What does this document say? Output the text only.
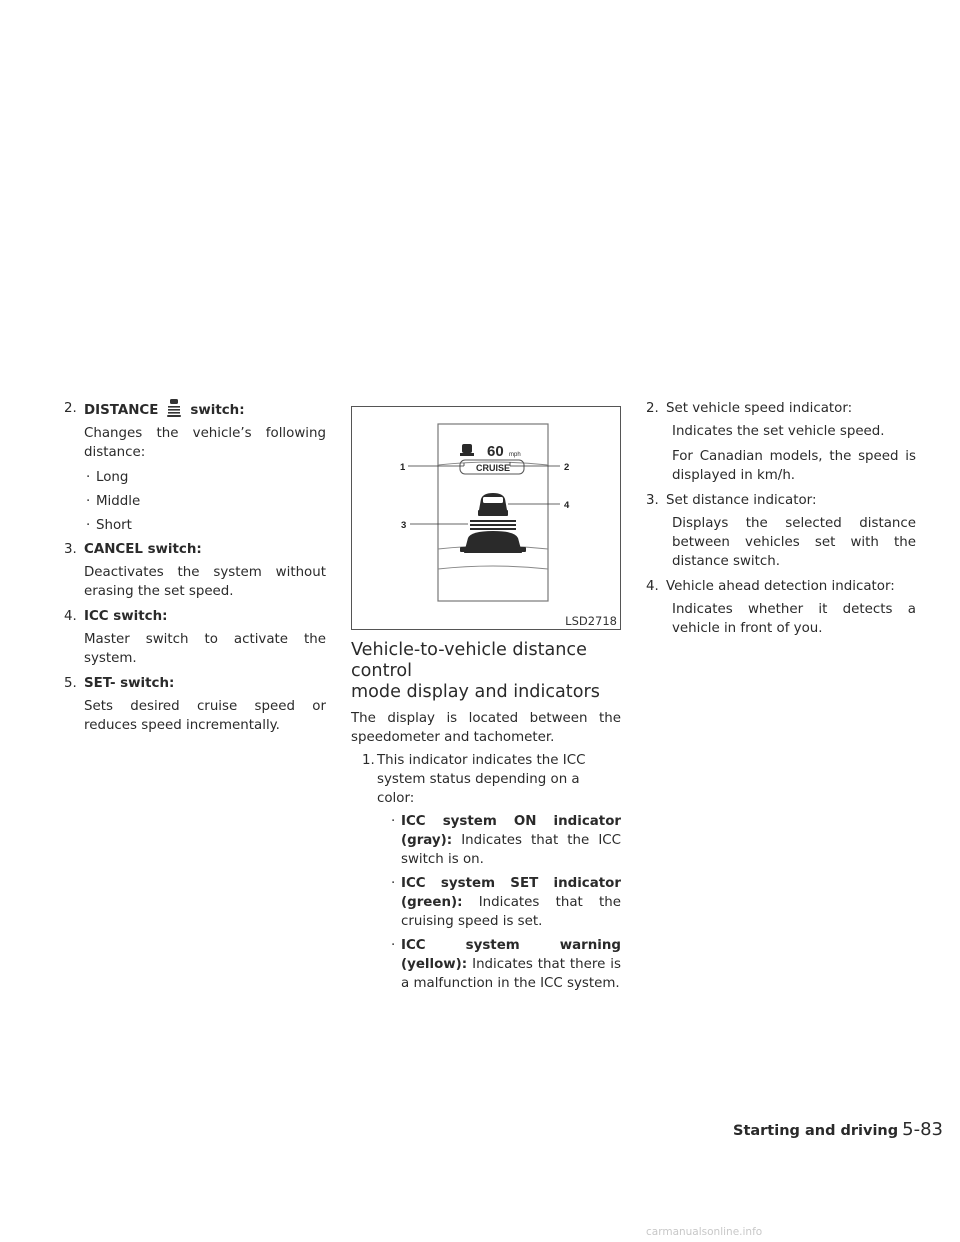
2. DISTANCE switch:
Changes the vehicle’s following distance:
· Long
· Middle
· Short
3. CANCEL switch:
Deactivates the system without erasing the set speed.
4. ICC switch:
Master switch to activate the system.
5. SET- switch:
Sets desired cruise speed or reduces speed incrementally.
60 mph
CRUISE
1	2
3
4
LSD2718
Vehicle-to-vehicle distance control
mode display and indicators
The display is located between the speedometer and tachometer.
1. This indicator indicates the ICC system status depending on a color:
· ICC system ON indicator (gray): Indicates that the ICC switch is on.
· ICC system SET indicator (green): Indicates that the cruising speed is set.
· ICC system warning (yellow): Indicates that there is a malfunction in the ICC system.
2. Set vehicle speed indicator:
Indicates the set vehicle speed.
For Canadian models, the speed is displayed in km/h.
3. Set distance indicator:
Displays the selected distance between vehicles set with the distance switch.
4. Vehicle ahead detection indicator:
Indicates whether it detects a vehicle in front of you.
Starting and driving 5-83
carmanualsonline.info
